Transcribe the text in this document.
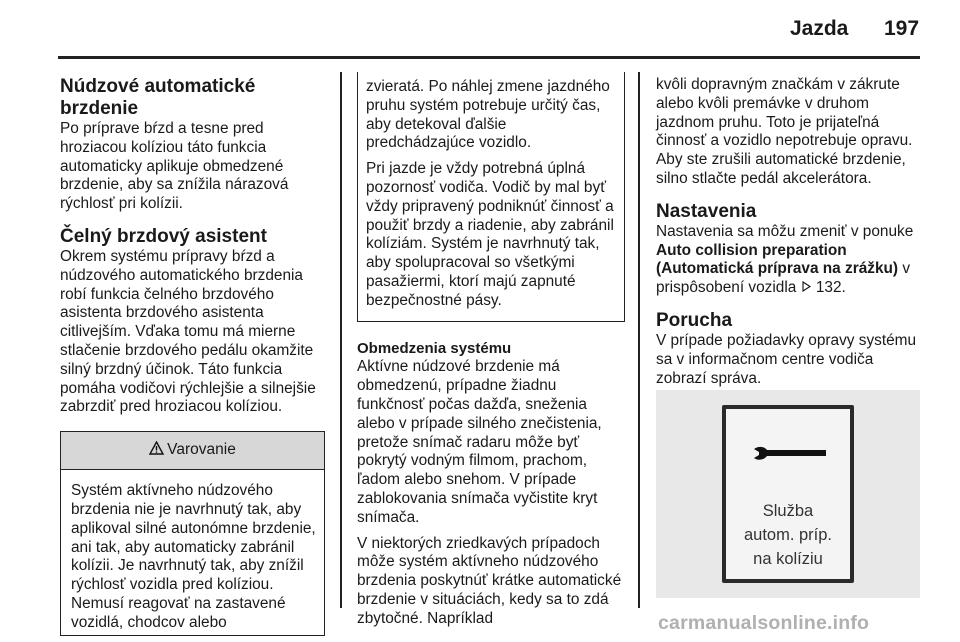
Jazda 197
Núdzové automatické brzdenie

Po príprave bŕzd a tesne pred hroziacou kolíziou táto funkcia automaticky aplikuje obmedzené brzdenie, aby sa znížila nárazová rýchlosť pri kolízii.

Čelný brzdový asistent

Okrem systému prípravy bŕzd a núdzového automatického brzdenia robí funkcia čelného brzdového asistenta brzdového asistenta citlivejším. Vďaka tomu má mierne stlačenie brzdového pedálu okamžite silný brzdný účinok. Táto funkcia pomáha vodičovi rýchlejšie a silnejšie zabrzdiť pred hroziacou kolíziou.

Varovanie
Systém aktívneho núdzového brzdenia nie je navrhnutý tak, aby aplikoval silné autonómne brzdenie, ani tak, aby automaticky zabránil kolízii. Je navrhnutý tak, aby znížil rýchlosť vozidla pred kolíziou. Nemusí reagovať na zastavené vozidlá, chodcov alebo

zvieratá. Po náhlej zmene jazdného pruhu systém potrebuje určitý čas, aby detekoval ďalšie predchádzajúce vozidlo.

Pri jazde je vždy potrebná úplná pozornosť vodiča. Vodič by mal byť vždy pripravený podniknúť činnosť a použiť brzdy a riadenie, aby zabránil kolíziám. Systém je navrhnutý tak, aby spolupracoval so všetkými pasažiermi, ktorí majú zapnuté bezpečnostné pásy.

Obmedzenia systému

Aktívne núdzové brzdenie má obmedzenú, prípadne žiadnu funkčnosť počas dažďa, sneženia alebo v prípade silného znečistenia, pretože snímač radaru môže byť pokrytý vodným filmom, prachom, ľadom alebo snehom. V prípade zablokovania snímača vyčistite kryt snímača.

V niektorých zriedkavých prípadoch môže systém aktívneho núdzového brzdenia poskytnúť krátke automatické brzdenie v situáciách, kedy sa to zdá zbytočné. Napríklad

kvôli dopravným značkám v zákrute alebo kvôli premávke v druhom jazdnom pruhu. Toto je prijateľná činnosť a vozidlo nepotrebuje opravu. Aby ste zrušili automatické brzdenie, silno stlačte pedál akcelerátora.

Nastavenia

Nastavenia sa môžu zmeniť v ponuke Auto collision preparation (Automatická príprava na zrážku) v prispôsobení vozidla  132.

Porucha

V prípade požiadavky opravy systému sa v informačnom centre vodiča zobrazí správa.

Služba
autom. príp.
na kolíziu
carmanualsonline.info
